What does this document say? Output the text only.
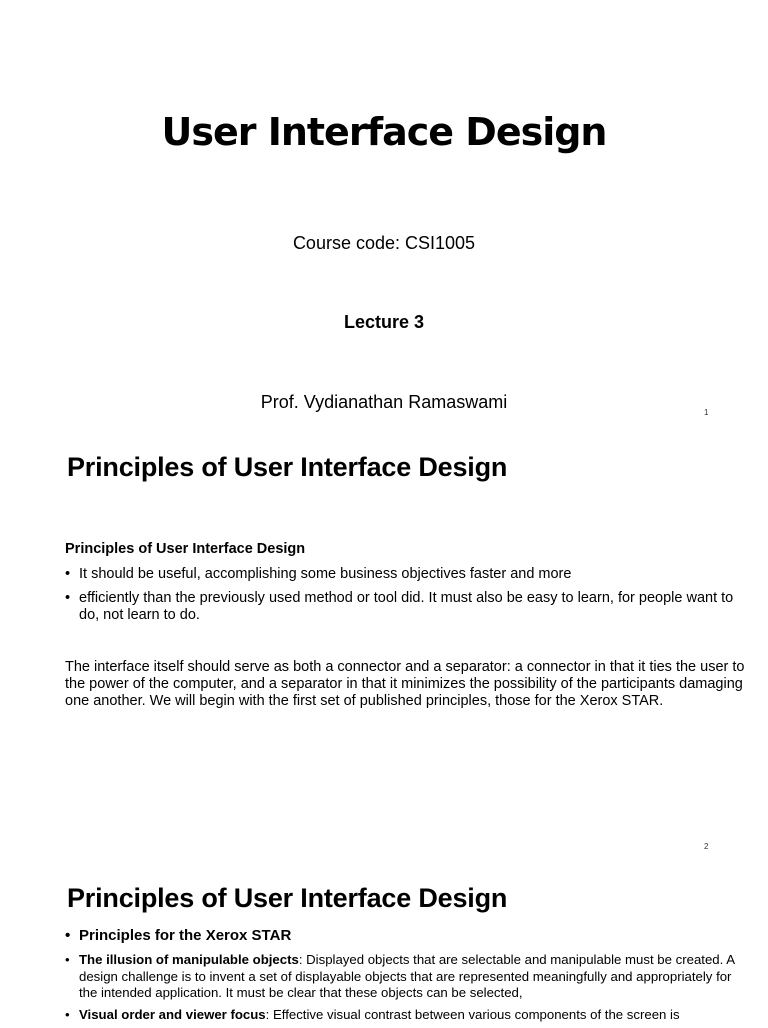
User Interface Design
Course code: CSI1005
Lecture 3
Prof. Vydianathan Ramaswami
1
Principles of User Interface Design
Principles of User Interface Design
• It should be useful, accomplishing some business objectives faster and more
• efficiently than the previously used method or tool did. It must also be easy to learn, for people want to do, not learn to do.

The interface itself should serve as both a connector and a separator: a connector in that it ties the user to the power of the computer, and a separator in that it minimizes the possibility of the participants damaging one another. We will begin with the first set of published principles, those for the Xerox STAR.

2
Principles of User Interface Design
• Principles for the Xerox STAR
• The illusion of manipulable objects: Displayed objects that are selectable and manipulable must be created. A design challenge is to invent a set of displayable objects that are represented meaningfully and appropriately for the intended application. It must be clear that these objects can be selected,
• Visual order and viewer focus: Effective visual contrast between various components of the screen is
